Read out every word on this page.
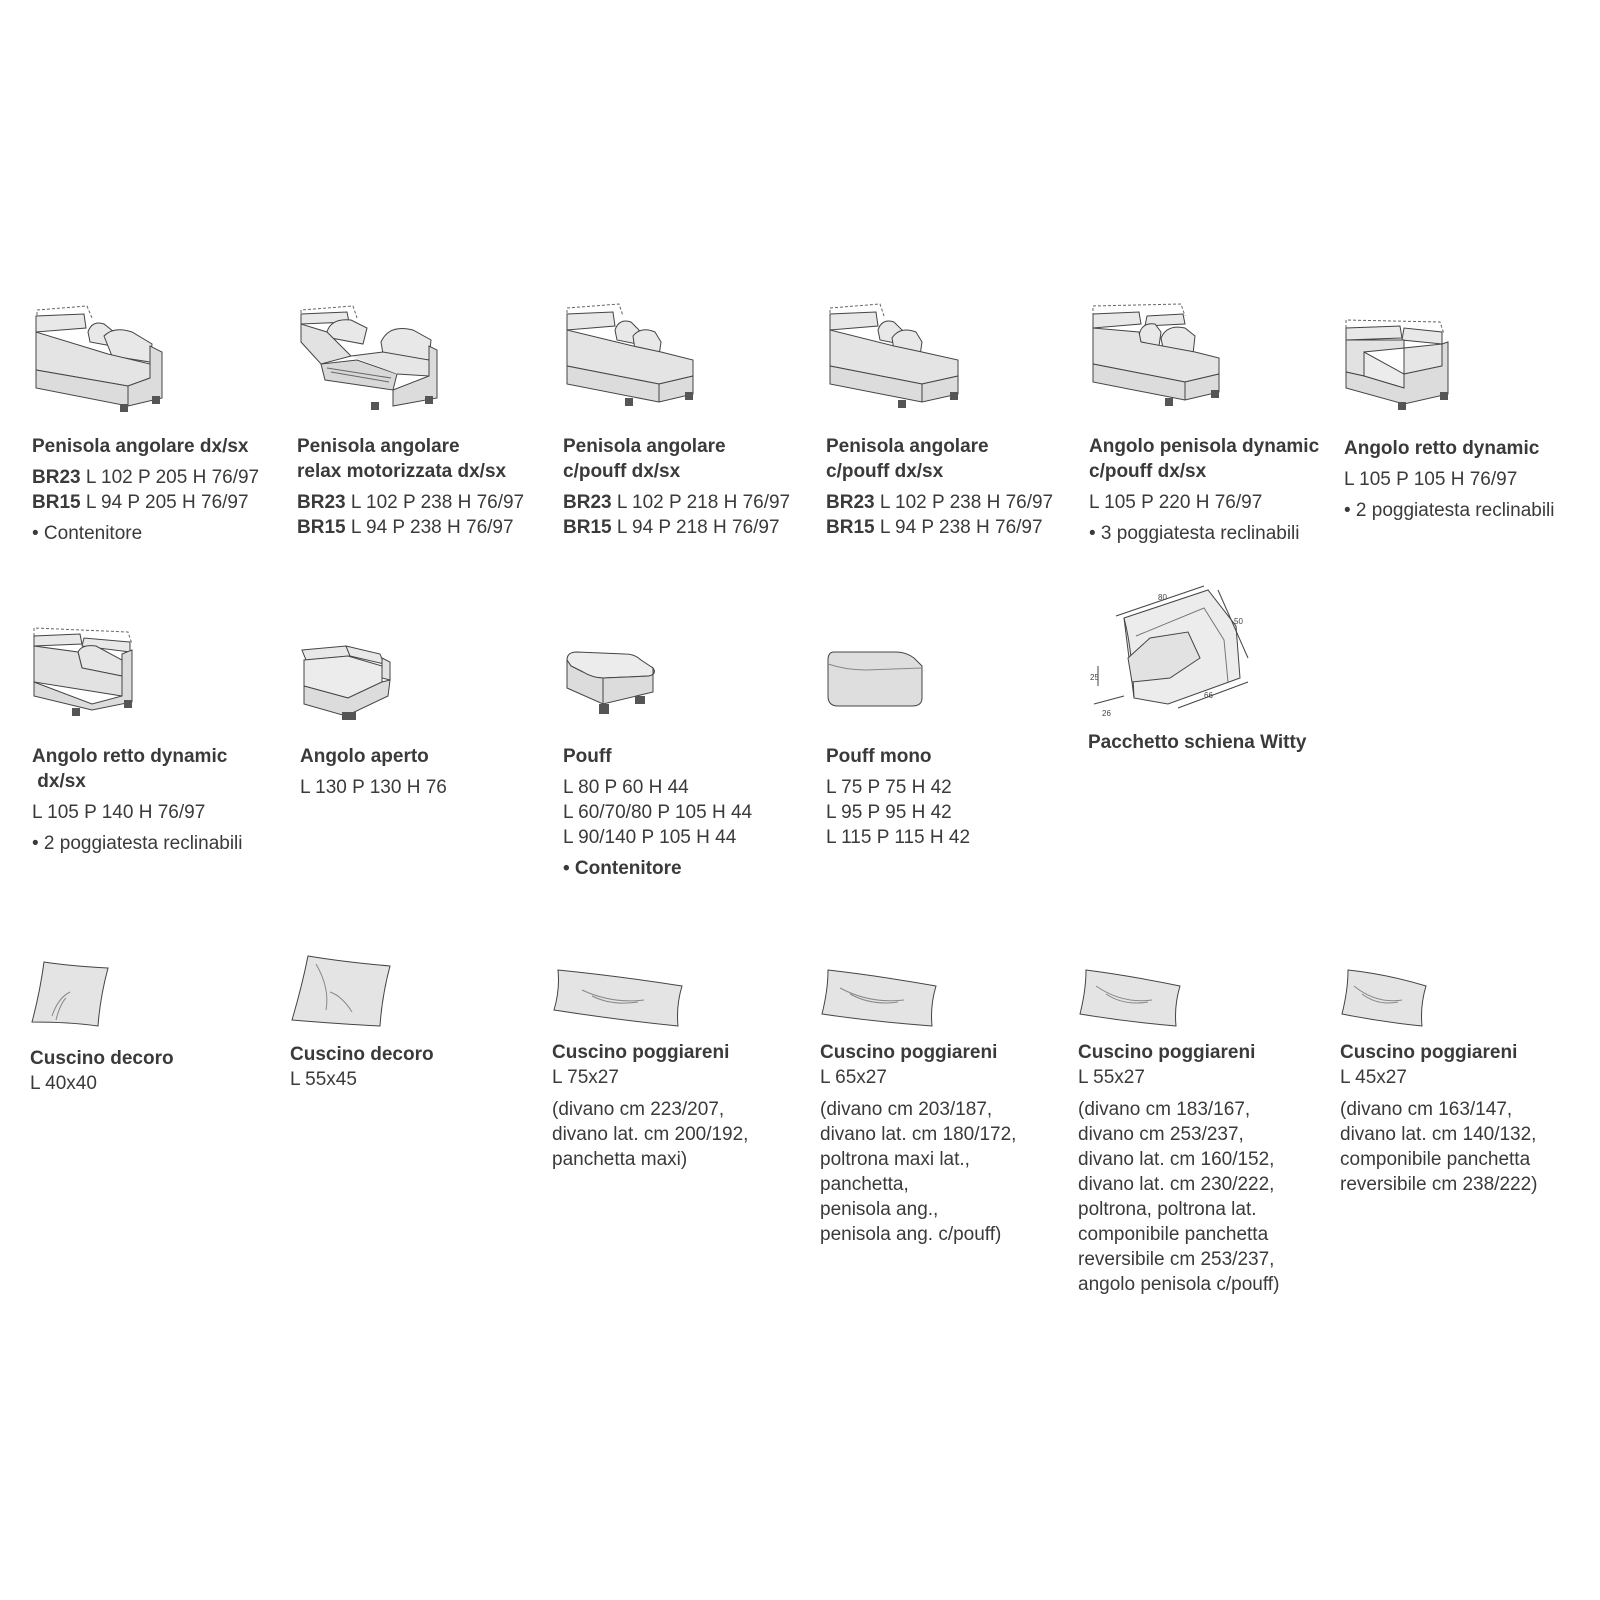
Penisola angolare dx/sx
BR23 L 102 P 205 H 76/97
BR15 L 94 P 205 H 76/97
• Contenitore
Penisola angolare
relax motorizzata dx/sx
BR23 L 102 P 238 H 76/97
BR15 L 94 P 238 H 76/97
Penisola angolare
c/pouff dx/sx
BR23 L 102 P 218 H 76/97
BR15 L 94 P 218 H 76/97
Penisola angolare
c/pouff dx/sx
BR23 L 102 P 238 H 76/97
BR15 L 94 P 238 H 76/97
Angolo penisola dynamic
c/pouff dx/sx
L 105 P 220 H 76/97
• 3 poggiatesta reclinabili
Angolo retto dynamic
L 105 P 105 H 76/97
• 2 poggiatesta reclinabili
Angolo retto dynamic
dx/sx
L 105 P 140 H 76/97
• 2 poggiatesta reclinabili
Angolo aperto
L 130 P 130 H 76
Pouff
L 80 P 60 H 44
L 60/70/80 P 105 H 44
L 90/140 P 105 H 44
• Contenitore
Pouff mono
L 75 P 75 H 42
L 95 P 95 H 42
L 115 P 115 H 42
80
50
25
26
66
Pacchetto schiena Witty
Cuscino decoro
L 40x40
Cuscino decoro
L 55x45
Cuscino poggiareni
L 75x27
(divano cm 223/207,
divano lat. cm 200/192,
panchetta maxi)
Cuscino poggiareni
L 65x27
(divano cm 203/187,
divano lat. cm 180/172,
poltrona maxi lat.,
panchetta,
penisola ang.,
penisola ang. c/pouff)
Cuscino poggiareni
L 55x27
(divano cm 183/167,
divano cm 253/237,
divano lat. cm 160/152,
divano lat. cm 230/222,
poltrona, poltrona lat.
componibile panchetta
reversibile cm 253/237,
angolo penisola c/pouff)
Cuscino poggiareni
L 45x27
(divano cm 163/147,
divano lat. cm 140/132,
componibile panchetta
reversibile cm 238/222)
